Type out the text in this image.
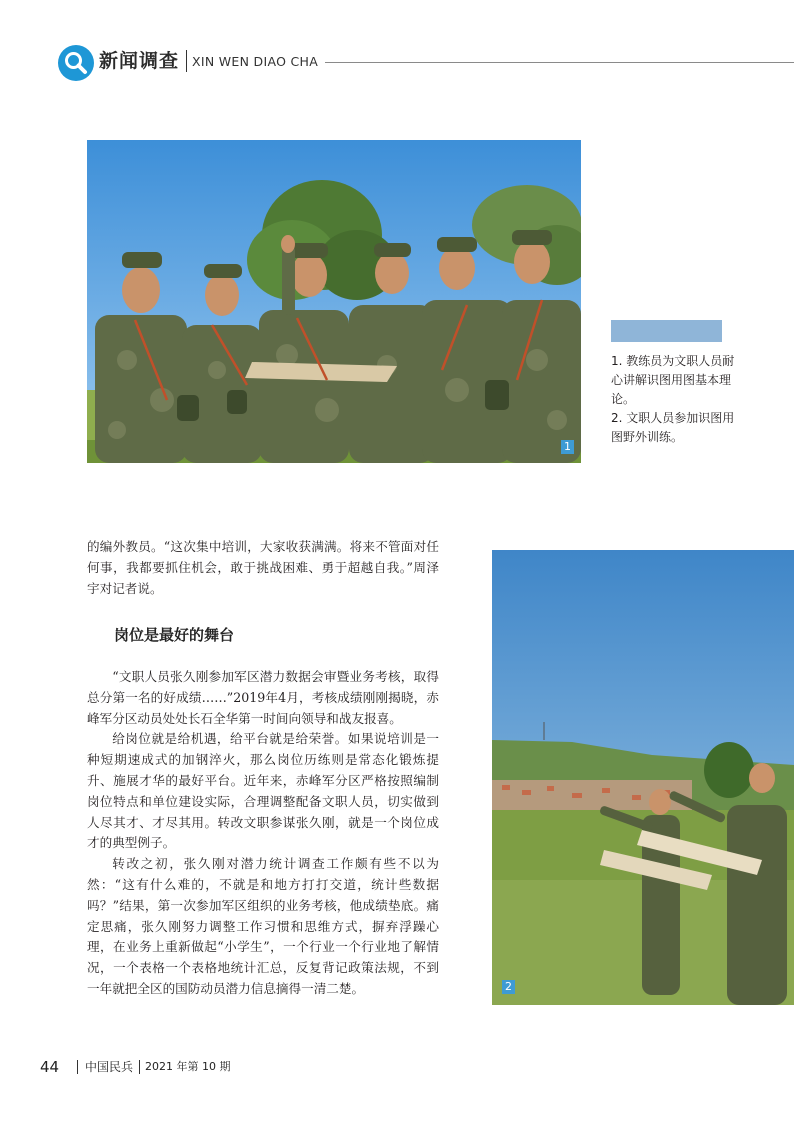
新闻调查 XIN WEN DIAO CHA
1

1. 教练员为文职人员耐心讲解识图用图基本理论。

2. 文职人员参加识图用图野外训练。

2

的编外教员。“这次集中培训，大家收获满满。将来不管面对任何事，我都要抓住机会，敢于挑战困难、勇于超越自我。”周泽宇对记者说。

岗位是最好的舞台

“文职人员张久刚参加军区潜力数据会审暨业务考核，取得总分第一名的好成绩……”2019年4月，考核成绩刚刚揭晓，赤峰军分区动员处处长石全华第一时间向领导和战友报喜。

给岗位就是给机遇，给平台就是给荣誉。如果说培训是一种短期速成式的加钢淬火，那么岗位历练则是常态化锻炼提升、施展才华的最好平台。近年来，赤峰军分区严格按照编制岗位特点和单位建设实际，合理调整配备文职人员，切实做到人尽其才、才尽其用。转改文职参谋张久刚，就是一个岗位成才的典型例子。

转改之初，张久刚对潜力统计调查工作颇有些不以为然：“这有什么难的，不就是和地方打打交道，统计些数据吗？”结果，第一次参加军区组织的业务考核，他成绩垫底。痛定思痛，张久刚努力调整工作习惯和思维方式，摒弃浮躁心理，在业务上重新做起“小学生”，一个行业一个行业地了解情况，一个表格一个表格地统计汇总，反复背记政策法规，不到一年就把全区的国防动员潜力信息摘得一清二楚。

44 中国民兵 2021 年第 10 期
